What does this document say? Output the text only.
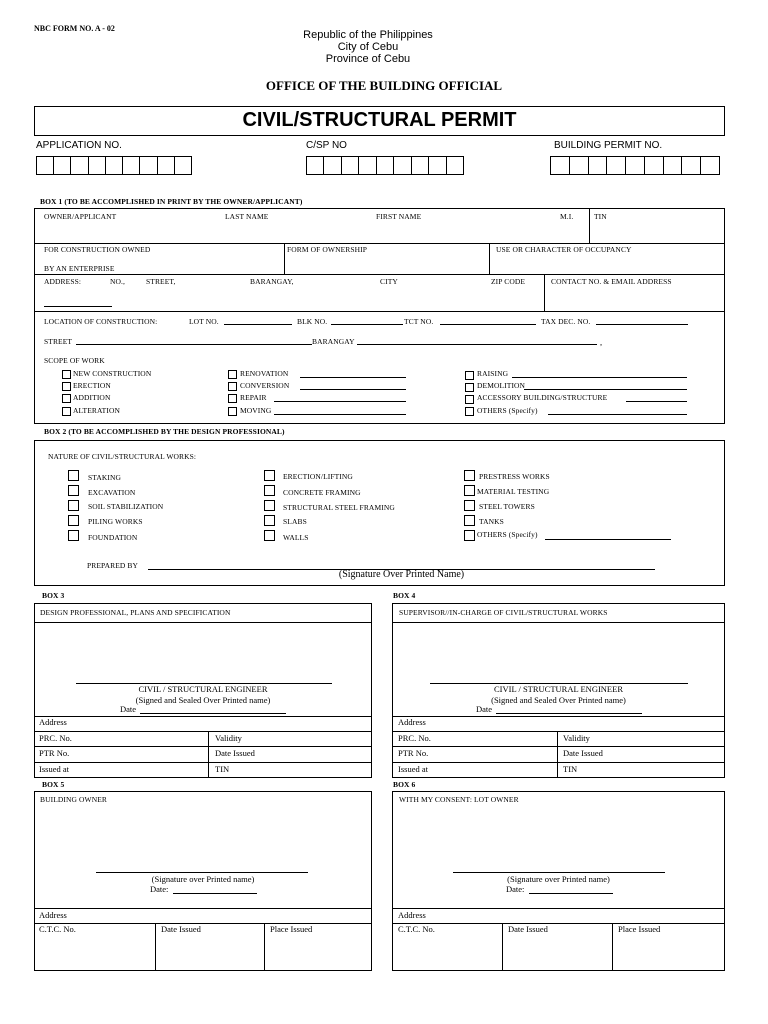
NBC FORM NO. A - 02
Republic of the Philippines
City of Cebu
Province of Cebu
OFFICE OF THE BUILDING OFFICIAL
CIVIL/STRUCTURAL PERMIT
APPLICATION NO.	C/SP NO	BUILDING PERMIT NO.
BOX 1 (TO BE ACCOMPLISHED IN PRINT BY THE OWNER/APPLICANT)
OWNER/APPLICANT	LAST NAME	FIRST NAME	M.I.	TIN
FOR CONSTRUCTION OWNED
BY AN ENTERPRISE
FORM OF OWNERSHIP	USE OR CHARACTER OF OCCUPANCY
ADDRESS:	NO.,	STREET,	BARANGAY,	CITY	ZIP CODE	CONTACT NO. & EMAIL ADDRESS
LOCATION OF CONSTRUCTION:	LOT NO.	BLK NO.	TCT NO.	TAX DEC. NO.
STREET	BARANGAY	,
SCOPE OF WORK
NEW CONSTRUCTION
ERECTION
ADDITION
ALTERATION
RENOVATION
CONVERSION
REPAIR
MOVING
RAISING
DEMOLITION
ACCESSORY BUILDING/STRUCTURE
OTHERS (Specify)
BOX 2 (TO BE ACCOMPLISHED BY THE DESIGN PROFESSIONAL)
NATURE OF CIVIL/STRUCTURAL WORKS:
STAKING
EXCAVATION
SOIL STABILIZATION
PILING WORKS
FOUNDATION
ERECTION/LIFTING
CONCRETE FRAMING
STRUCTURAL STEEL FRAMING
SLABS
WALLS
PRESTRESS WORKS
MATERIAL TESTING
STEEL TOWERS
TANKS
OTHERS (Specify)
PREPARED BY
(Signature Over Printed Name)
BOX 3
DESIGN PROFESSIONAL, PLANS AND SPECIFICATION
CIVIL / STRUCTURAL ENGINEER
(Signed and Sealed Over Printed name)
Date
Address
PRC. No.	Validity
PTR No.	Date Issued
Issued at	TIN
BOX 4
SUPERVISOR//IN-CHARGE OF CIVIL/STRUCTURAL WORKS
CIVIL / STRUCTURAL ENGINEER
(Signed and Sealed Over Printed name)
Date
Address
PRC. No.	Validity
PTR No.	Date Issued
Issued at	TIN
BOX 5
BUILDING OWNER
(Signature over Printed name)
Date:
Address
C.T.C. No.	Date Issued	Place Issued
BOX 6
WITH MY CONSENT: LOT OWNER
(Signature over Printed name)
Date:
Address
C.T.C. No.	Date Issued	Place Issued
